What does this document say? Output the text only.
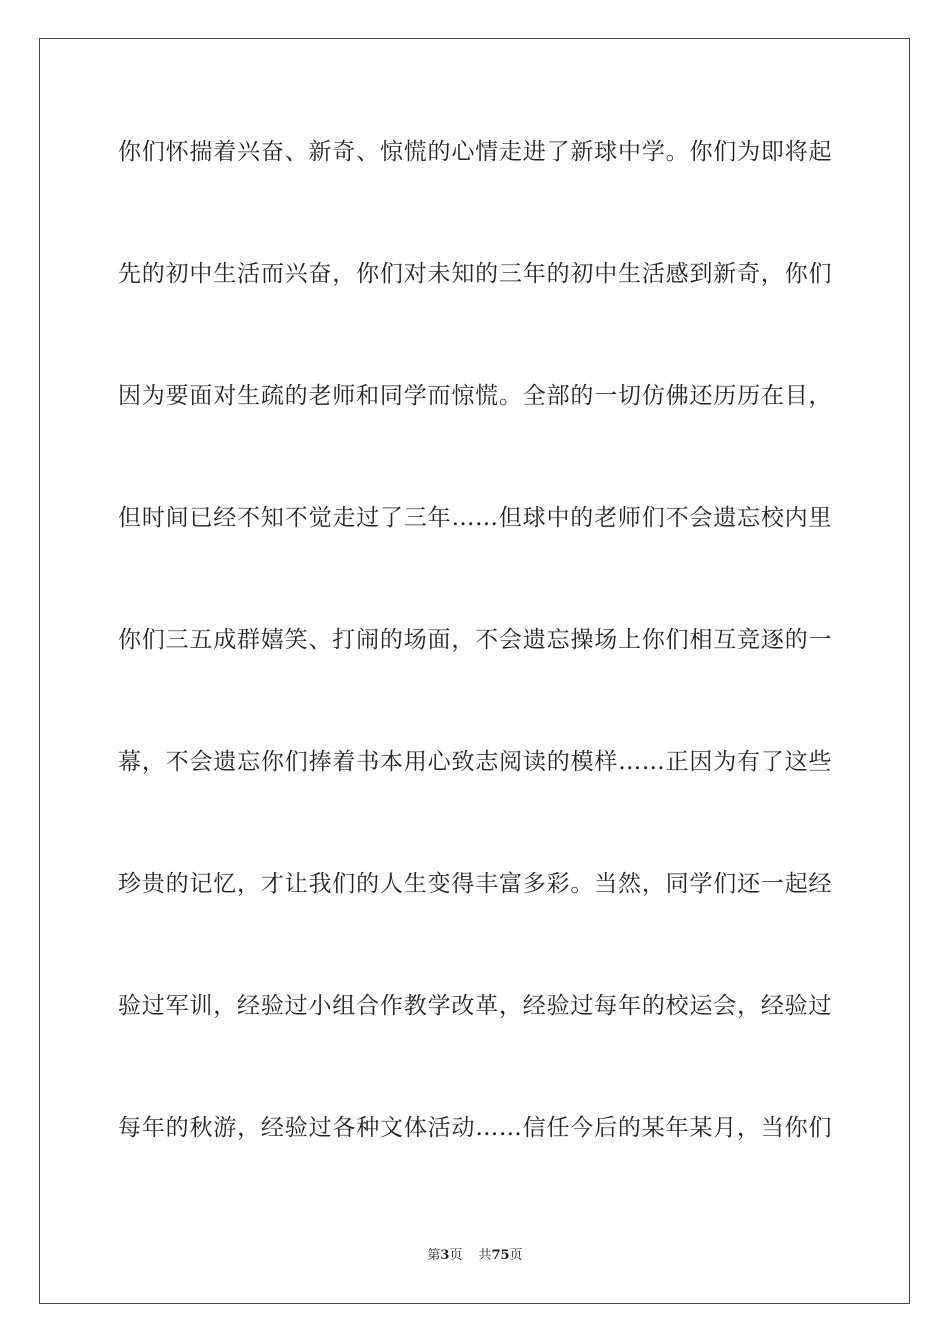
你们怀揣着兴奋、新奇、惊慌的心情走进了新球中学。你们为即将起
先的初中生活而兴奋，你们对未知的三年的初中生活感到新奇，你们
因为要面对生疏的老师和同学而惊慌。全部的一切仿佛还历历在目，
但时间已经不知不觉走过了三年……但球中的老师们不会遗忘校内里
你们三五成群嬉笑、打闹的场面，不会遗忘操场上你们相互竞逐的一
幕，不会遗忘你们捧着书本用心致志阅读的模样……正因为有了这些
珍贵的记忆，才让我们的人生变得丰富多彩。当然，同学们还一起经
验过军训，经验过小组合作教学改革，经验过每年的校运会，经验过
每年的秋游，经验过各种文体活动……信任今后的某年某月，当你们
第3页 共75页
